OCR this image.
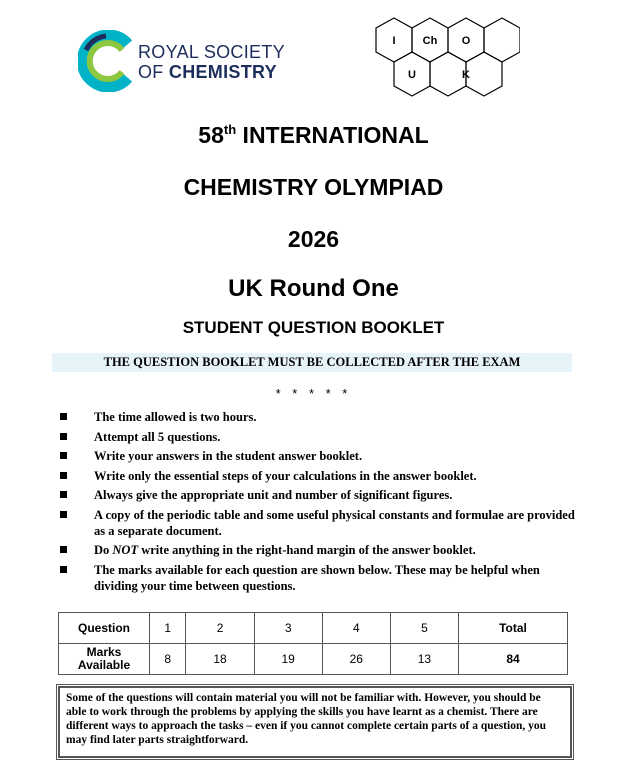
ROYAL SOCIETY
OF CHEMISTRY
I Ch O
U	K
58th INTERNATIONAL
CHEMISTRY OLYMPIAD
2026
UK Round One
STUDENT QUESTION BOOKLET
THE QUESTION BOOKLET MUST BE COLLECTED AFTER THE EXAM
* * * * *
The time allowed is two hours.
Attempt all 5 questions.
Write your answers in the student answer booklet.
Write only the essential steps of your calculations in the answer booklet.
Always give the appropriate unit and number of significant figures.
A copy of the periodic table and some useful physical constants and formulae are provided as a separate document.
Do NOT write anything in the right-hand margin of the answer booklet.
The marks available for each question are shown below. These may be helpful when dividing your time between questions.
Question	1	2	3	4	5	Total
Marks
Available	8	18	19	26	13	84
Some of the questions will contain material you will not be familiar with. However, you should be able to work through the problems by applying the skills you have learnt as a chemist. There are different ways to approach the tasks – even if you cannot complete certain parts of a question, you may find later parts straightforward.
